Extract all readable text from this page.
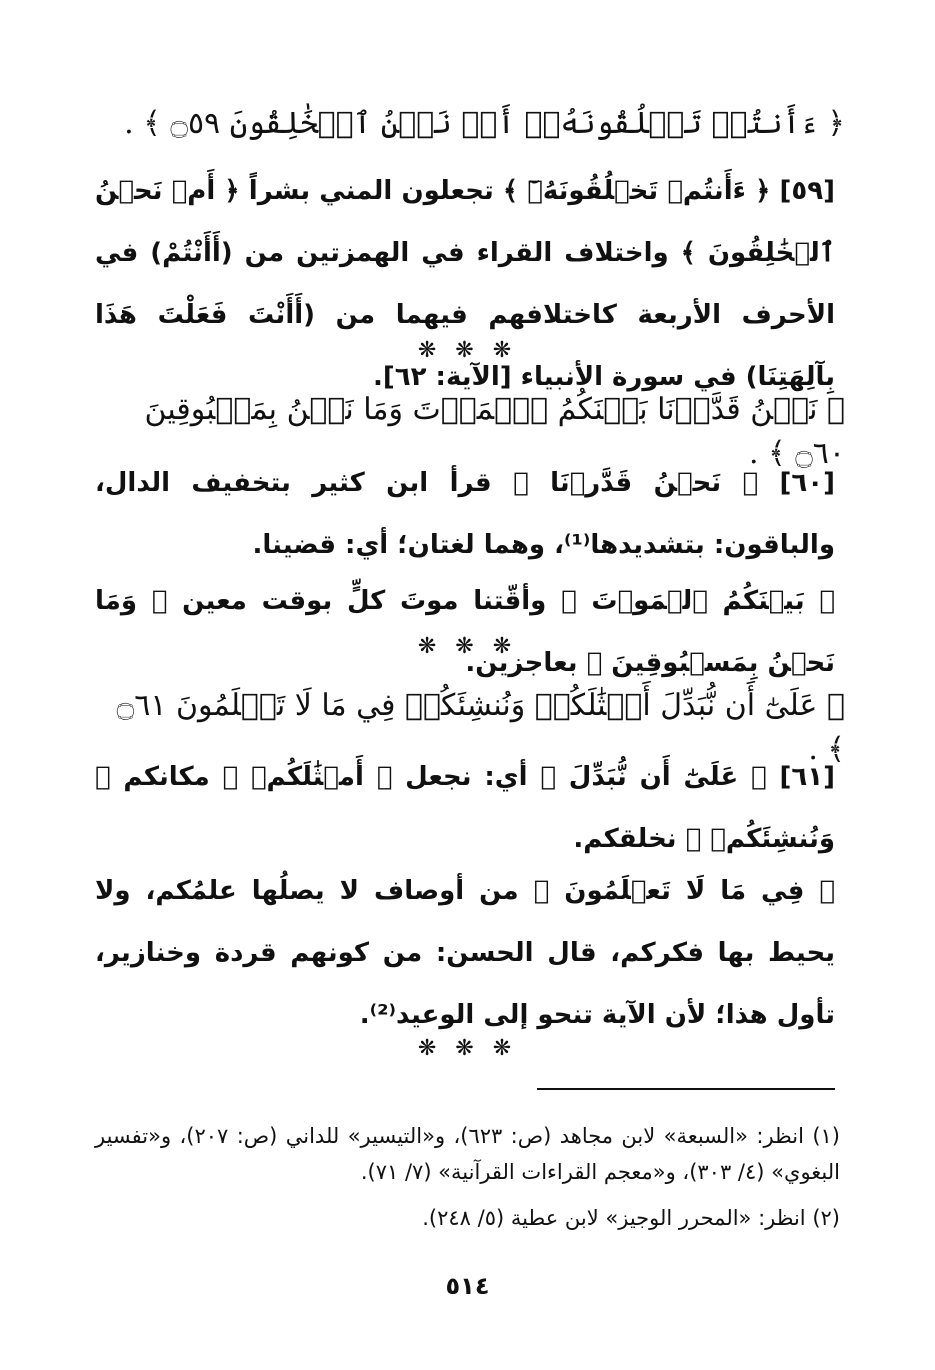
﴿ ءَأَنتُمۡ تَخۡلُقُونَهُۥٓ أَمۡ نَحۡنُ ٱلۡخَٰلِقُونَ ۝٥٩ ﴾ .
[٥٩] ﴿ ءَأَنتُمۡ تَخۡلُقُونَهُۥٓ ﴾ تجعلون المني بشراً ﴿ أَمۡ نَحۡنُ ٱلۡخَٰلِقُونَ ﴾ واختلاف القراء في الهمزتين من (أَأَنْتُمْ) في الأحرف الأربعة كاختلافهم فيهما من (أَأَنْتَ فَعَلْتَ هَذَا بِآلِهَتِنَا) في سورة الأنبياء [الآية: ٦٢].
❋ ❋ ❋
﴿ نَحۡنُ قَدَّرۡنَا بَيۡنَكُمُ ٱلۡمَوۡتَ وَمَا نَحۡنُ بِمَسۡبُوقِينَ ۝٦٠ ﴾ .
[٦٠] ﴿ نَحۡنُ قَدَّرۡنَا ﴾ قرأ ابن كثير بتخفيف الدال، والباقون: بتشديدها⁽¹⁾، وهما لغتان؛ أي: قضينا.
﴿ بَيۡنَكُمُ ٱلۡمَوۡتَ ﴾ وأقّتنا موتَ كلٍّ بوقت معين ﴿ وَمَا نَحۡنُ بِمَسۡبُوقِينَ ﴾ بعاجزين.
❋ ❋ ❋
﴿ عَلَىٰٓ أَن نُّبَدِّلَ أَمۡثَٰلَكُمۡ وَنُنشِئَكُمۡ فِي مَا لَا تَعۡلَمُونَ ۝٦١ ﴾ .
[٦١] ﴿ عَلَىٰٓ أَن نُّبَدِّلَ ﴾ أي: نجعل ﴿ أَمۡثَٰلَكُمۡ ﴾ مكانكم ﴿ وَنُنشِئَكُمۡ ﴾ نخلقكم.
﴿ فِي مَا لَا تَعۡلَمُونَ ﴾ من أوصاف لا يصلُها علمُكم، ولا يحيط بها فكركم، قال الحسن: من كونهم قردة وخنازير، تأول هذا؛ لأن الآية تنحو إلى الوعيد⁽²⁾.
❋ ❋ ❋
(١) انظر: «السبعة» لابن مجاهد (ص: ٦٢٣)، و«التيسير» للداني (ص: ٢٠٧)، و«تفسير البغوي» (٤/ ٣٠٣)، و«معجم القراءات القرآنية» (٧/ ٧١).
(٢) انظر: «المحرر الوجيز» لابن عطية (٥/ ٢٤٨).
٥١٤
